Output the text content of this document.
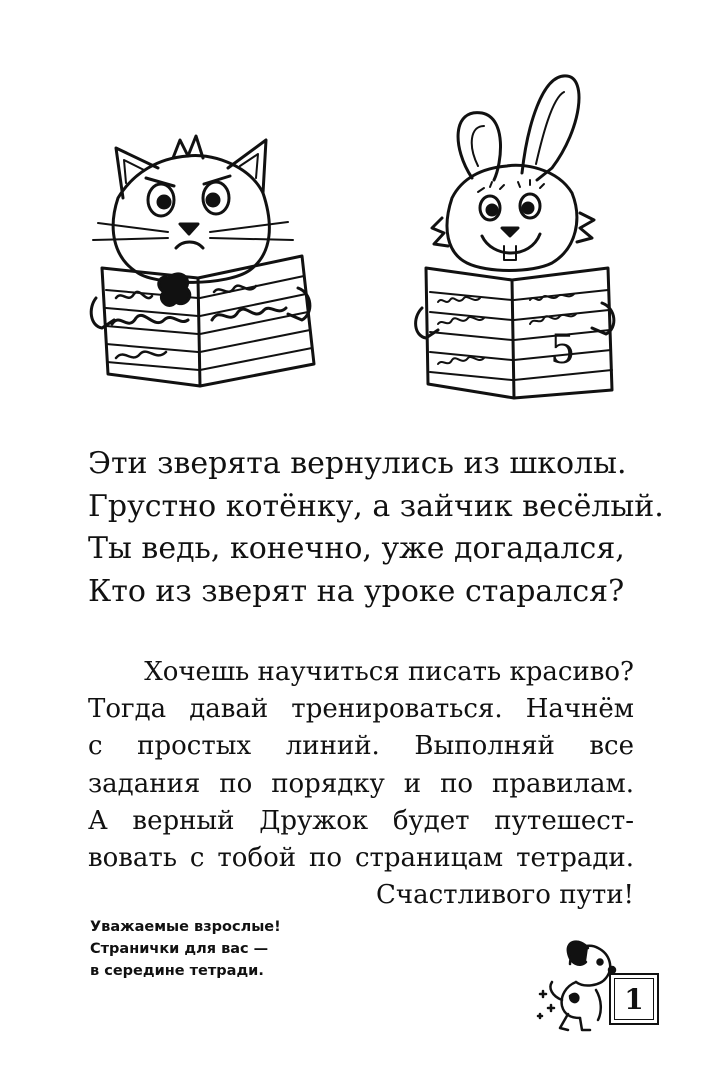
5
Эти зверята вернулись из школы.
Грустно котёнку, а зайчик весёлый.
Ты ведь, конечно, уже догадался,
Кто из зверят на уроке старался?
Хочешь научиться писать красиво?
Тогда давай тренироваться. Начнём
с простых линий. Выполняй все
задания по порядку и по правилам.
А верный Дружок будет путешест-
вовать с тобой по страницам тетради.
Счастливого пути!
Уважаемые взрослые!
Странички для вас —
в середине тетради.
1
